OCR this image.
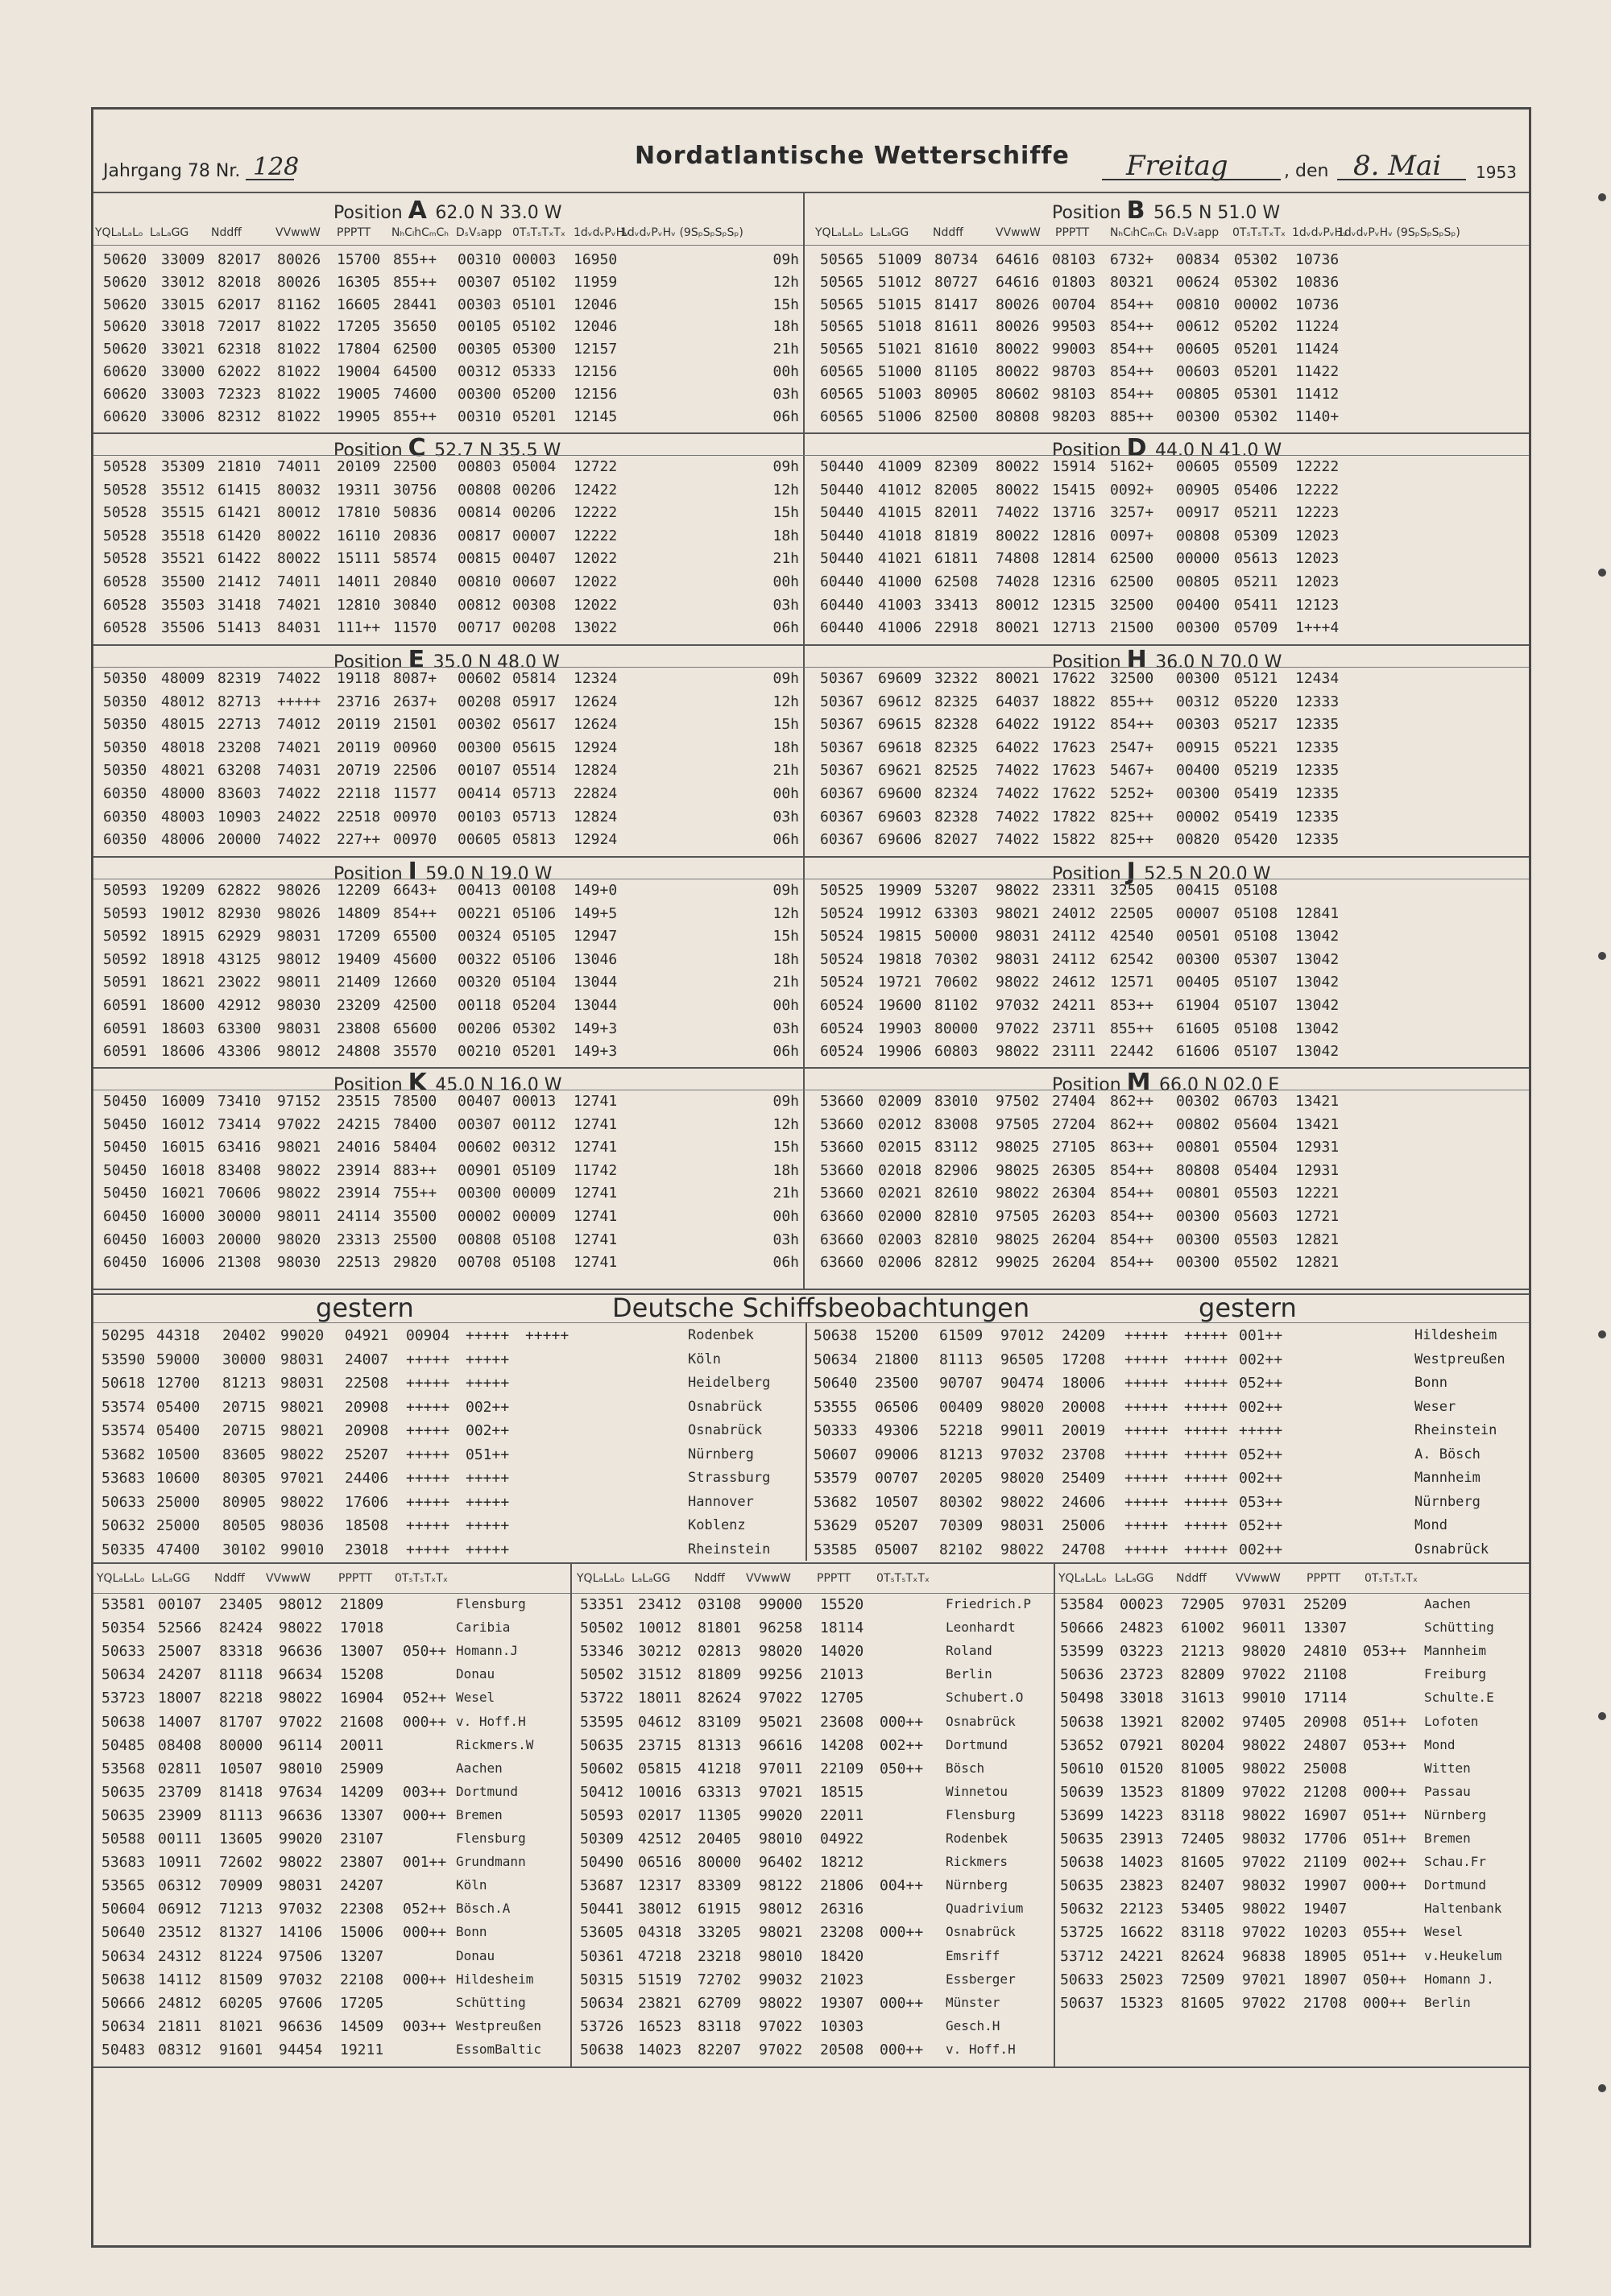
Jahrgang 78 Nr. 128	Nordatlantische Wetterschiffe Freitag	, den 8. Mai 1953
YQLₐLₐLₒ LₐLₐGG Nddff	VVwwW PPPTT NₕCₗhCₘCₕ DₛVₛapp 0TₛTₛTₓTₓ 1dᵥdᵥPᵥHᵥ
1dᵥdᵥPᵥHᵥ (9SₚSₚSₚSₚ)	YQLₐLₐLₒ LₐLₐGG Nddff	VVwwW PPPTT NₕCₗhCₘCₕ DₛVₛapp 0TₛTₛTₓTₓ 1dᵥdᵥPᵥHᵥ
1dᵥdᵥPᵥHᵥ (9SₚSₚSₚSₚ)
Position A 62.0 N 33.0 W	Position B 56.5 N 51.0 W
50620 33009 82017 80026 15700 855++ 00310 00003 16950	09h
50620 33012 82018 80026 16305 855++ 00307 05102 11959	12h
50620 33015 62017 81162 16605 28441 00303 05101 12046	15h
50620 33018 72017 81022 17205 35650 00105 05102 12046	18h
50620 33021 62318 81022 17804 62500 00305 05300 12157	21h
60620 33000 62022 81022 19004 64500 00312 05333 12156	00h
60620 33003 72323 81022 19005 74600 00300 05200 12156	03h
60620 33006 82312 81022 19905 855++ 00310 05201 12145	06h
50565 51009 80734 64616 08103 6732+ 00834 05302 10736
50565 51012 80727 64616 01803 80321 00624 05302 10836
50565 51015 81417 80026 00704 854++ 00810 00002 10736
50565 51018 81611 80026 99503 854++ 00612 05202 11224
50565 51021 81610 80022 99003 854++ 00605 05201 11424
60565 51000 81105 80022 98703 854++ 00603 05201 11422
60565 51003 80905 80602 98103 854++ 00805 05301 11412
60565 51006 82500 80808 98203 885++ 00300 05302 1140+
Position C 52.7 N 35.5 W	Position D 44.0 N 41.0 W
50528 35309 21810 74011 20109 22500 00803 05004 12722	09h
50528 35512 61415 80032 19311 30756 00808 00206 12422	12h
50528 35515 61421 80012 17810 50836 00814 00206 12222	15h
50528 35518 61420 80022 16110 20836 00817 00007 12222	18h
50528 35521 61422 80022 15111 58574 00815 00407 12022	21h
60528 35500 21412 74011 14011 20840 00810 00607 12022	00h
60528 35503 31418 74021 12810 30840 00812 00308 12022	03h
60528 35506 51413 84031 111++ 11570 00717 00208 13022	06h
50440 41009 82309 80022 15914 5162+ 00605 05509 12222
50440 41012 82005 80022 15415 0092+ 00905 05406 12222
50440 41015 82011 74022 13716 3257+ 00917 05211 12223
50440 41018 81819 80022 12816 0097+ 00808 05309 12023
50440 41021 61811 74808 12814 62500 00000 05613 12023
60440 41000 62508 74028 12316 62500 00805 05211 12023
60440 41003 33413 80012 12315 32500 00400 05411 12123
60440 41006 22918 80021 12713 21500 00300 05709 1+++4
Position E 35.0 N 48.0 W	Position H 36.0 N 70.0 W
50350 48009 82319 74022 19118 8087+ 00602 05814 12324	09h
50350 48012 82713 +++++ 23716 2637+ 00208 05917 12624	12h
50350 48015 22713 74012 20119 21501 00302 05617 12624	15h
50350 48018 23208 74021 20119 00960 00300 05615 12924	18h
50350 48021 63208 74031 20719 22506 00107 05514 12824	21h
60350 48000 83603 74022 22118 11577 00414 05713 22824	00h
60350 48003 10903 24022 22518 00970 00103 05713 12824	03h
60350 48006 20000 74022 227++ 00970 00605 05813 12924	06h
50367 69609 32322 80021 17622 32500 00300 05121 12434
50367 69612 82325 64037 18822 855++ 00312 05220 12333
50367 69615 82328 64022 19122 854++ 00303 05217 12335
50367 69618 82325 64022 17623 2547+ 00915 05221 12335
50367 69621 82525 74022 17623 5467+ 00400 05219 12335
60367 69600 82324 74022 17622 5252+ 00300 05419 12335
60367 69603 82328 74022 17822 825++ 00002 05419 12335
60367 69606 82027 74022 15822 825++ 00820 05420 12335
Position I 59.0 N 19.0 W	Position J 52.5 N 20.0 W
50593 19209 62822 98026 12209 6643+ 00413 00108 149+0	09h
50593 19012 82930 98026 14809 854++ 00221 05106 149+5	12h
50592 18915 62929 98031 17209 65500 00324 05105 12947	15h
50592 18918 43125 98012 19409 45600 00322 05106 13046	18h
50591 18621 23022 98011 21409 12660 00320 05104 13044	21h
60591 18600 42912 98030 23209 42500 00118 05204 13044	00h
60591 18603 63300 98031 23808 65600 00206 05302 149+3	03h
60591 18606 43306 98012 24808 35570 00210 05201 149+3	06h
50525 19909 53207 98022 23311 32505 00415 05108
50524 19912 63303 98021 24012 22505 00007 05108 12841
50524 19815 50000 98031 24112 42540 00501 05108 13042
50524 19818 70302 98031 24112 62542 00300 05307 13042
50524 19721 70602 98022 24612 12571 00405 05107 13042
60524 19600 81102 97032 24211 853++ 61904 05107 13042
60524 19903 80000 97022 23711 855++ 61605 05108 13042
60524 19906 60803 98022 23111 22442 61606 05107 13042
Position K 45.0 N 16.0 W	Position M 66.0 N 02.0 E
50450 16009 73410 97152 23515 78500 00407 00013 12741	09h
50450 16012 73414 97022 24215 78400 00307 00112 12741	12h
50450 16015 63416 98021 24016 58404 00602 00312 12741	15h
50450 16018 83408 98022 23914 883++ 00901 05109 11742	18h
50450 16021 70606 98022 23914 755++ 00300 00009 12741	21h
60450 16000 30000 98011 24114 35500 00002 00009 12741	00h
60450 16003 20000 98020 23313 25500 00808 05108 12741	03h
60450 16006 21308 98030 22513 29820 00708 05108 12741	06h
53660 02009 83010 97502 27404 862++ 00302 06703 13421
53660 02012 83008 97505 27204 862++ 00802 05604 13421
53660 02015 83112 98025 27105 863++ 00801 05504 12931
53660 02018 82906 98025 26305 854++ 80808 05404 12931
53660 02021 82610 98022 26304 854++ 00801 05503 12221
63660 02000 82810 97505 26203 854++ 00300 05603 12721
63660 02003 82810 98025 26204 854++ 00300 05503 12821
63660 02006 82812 99025 26204 854++ 00300 05502 12821
gestern	Deutsche Schiffsbeobachtungen	gestern
50295 44318 20402 99020 04921 00904 +++++ +++++	Rodenbek
53590 59000 30000 98031 24007 +++++ +++++	Köln
50618 12700 81213 98031 22508 +++++ +++++	Heidelberg
53574 05400 20715 98021 20908 +++++ 002++	Osnabrück
53574 05400 20715 98021 20908 +++++ 002++	Osnabrück
53682 10500 83605 98022 25207 +++++ 051++	Nürnberg
53683 10600 80305 97021 24406 +++++ +++++	Strassburg
50633 25000 80905 98022 17606 +++++ +++++	Hannover
50632 25000 80505 98036 18508 +++++ +++++	Koblenz
50335 47400 30102 99010 23018 +++++ +++++	Rheinstein
50638 15200 61509 97012 24209 +++++ +++++ 001++	Hildesheim
50634 21800 81113 96505 17208 +++++ +++++ 002++	Westpreußen
50640 23500 90707 90474 18006 +++++ +++++ 052++	Bonn
53555 06506 00409 98020 20008 +++++ +++++ 002++	Weser
50333 49306 52218 99011 20019 +++++ +++++ +++++	Rheinstein
50607 09006 81213 97032 23708 +++++ +++++ 052++	A. Bösch
53579 00707 20205 98020 25409 +++++ +++++ 002++	Mannheim
53682 10507 80302 98022 24606 +++++ +++++ 053++	Nürnberg
53629 05207 70309 98031 25006 +++++ +++++ 052++	Mond
53585 05007 82102 98022 24708 +++++ +++++ 002++	Osnabrück
YQLₐLₐLₒ LₐLₐGG Nddff VVwwW PPPTT 0TₛTₛTₓTₓ	YQLₐLₐLₒ LₐLₐGG Nddff VVwwW PPPTT 0TₛTₛTₓTₓ	YQLₐLₐLₒ LₐLₐGG Nddff	VVwwW PPPTT 0TₛTₛTₓTₓ
53581 00107 23405 98012 21809	Flensburg
50354 52566 82424 98022 17018	Caribia
50633 25007 83318 96636 13007 050++ Homann.J
50634 24207 81118 96634 15208	Donau
53723 18007 82218 98022 16904 052++ Wesel
50638 14007 81707 97022 21608 000++ v. Hoff.H
50485 08408 80000 96114 20011	Rickmers.W
53568 02811 10507 98010 25909	Aachen
50635 23709 81418 97634 14209 003++ Dortmund
50635 23909 81113 96636 13307 000++ Bremen
50588 00111 13605 99020 23107	Flensburg
53683 10911 72602 98022 23807 001++ Grundmann
53565 06312 70909 98031 24207	Köln
50604 06912 71213 97032 22308 052++ Bösch.A
50640 23512 81327 14106 15006 000++ Bonn
50634 24312 81224 97506 13207	Donau
50638 14112 81509 97032 22108 000++ Hildesheim
50666 24812 60205 97606 17205	Schütting
50634 21811 81021 96636 14509 003++ Westpreußen
50483 08312 91601 94454 19211	EssomBaltic
53351 23412 03108 99000 15520	Friedrich.P
50502 10012 81801 96258 18114	Leonhardt
53346 30212 02813 98020 14020	Roland
50502 31512 81809 99256 21013	Berlin
53722 18011 82624 97022 12705	Schubert.O
53595 04612 83109 95021 23608 000++ Osnabrück
50635 23715 81313 96616 14208 002++ Dortmund
50602 05815 41218 97011 22109 050++ Bösch
50412 10016 63313 97021 18515	Winnetou
50593 02017 11305 99020 22011	Flensburg
50309 42512 20405 98010 04922	Rodenbek
50490 06516 80000 96402 18212	Rickmers
53687 12317 83309 98122 21806 004++ Nürnberg
50441 38012 61915 98012 26316	Quadrivium
53605 04318 33205 98021 23208 000++ Osnabrück
50361 47218 23218 98010 18420	Emsriff
50315 51519 72702 99032 21023	Essberger
50634 23821 62709 98022 19307 000++ Münster
53726 16523 83118 97022 10303	Gesch.H
50638 14023 82207 97022 20508 000++ v. Hoff.H
53584 00023 72905 97031 25209	Aachen
50666 24823 61002 96011 13307	Schütting
53599 03223 21213 98020 24810 053++ Mannheim
50636 23723 82809 97022 21108	Freiburg
50498 33018 31613 99010 17114	Schulte.E
50638 13921 82002 97405 20908 051++ Lofoten
53652 07921 80204 98022 24807 053++ Mond
50610 01520 81005 98022 25008	Witten
50639 13523 81809 97022 21208 000++ Passau
53699 14223 83118 98022 16907 051++ Nürnberg
50635 23913 72405 98032 17706 051++ Bremen
50638 14023 81605 97022 21109 002++ Schau.Fr
50635 23823 82407 98032 19907 000++ Dortmund
50632 22123 53405 98022 19407	Haltenbank
53725 16622 83118 97022 10203 055++ Wesel
53712 24221 82624 96838 18905 051++ v.Heukelum
50633 25023 72509 97021 18907 050++ Homann J.
50637 15323 81605 97022 21708 000++ Berlin
